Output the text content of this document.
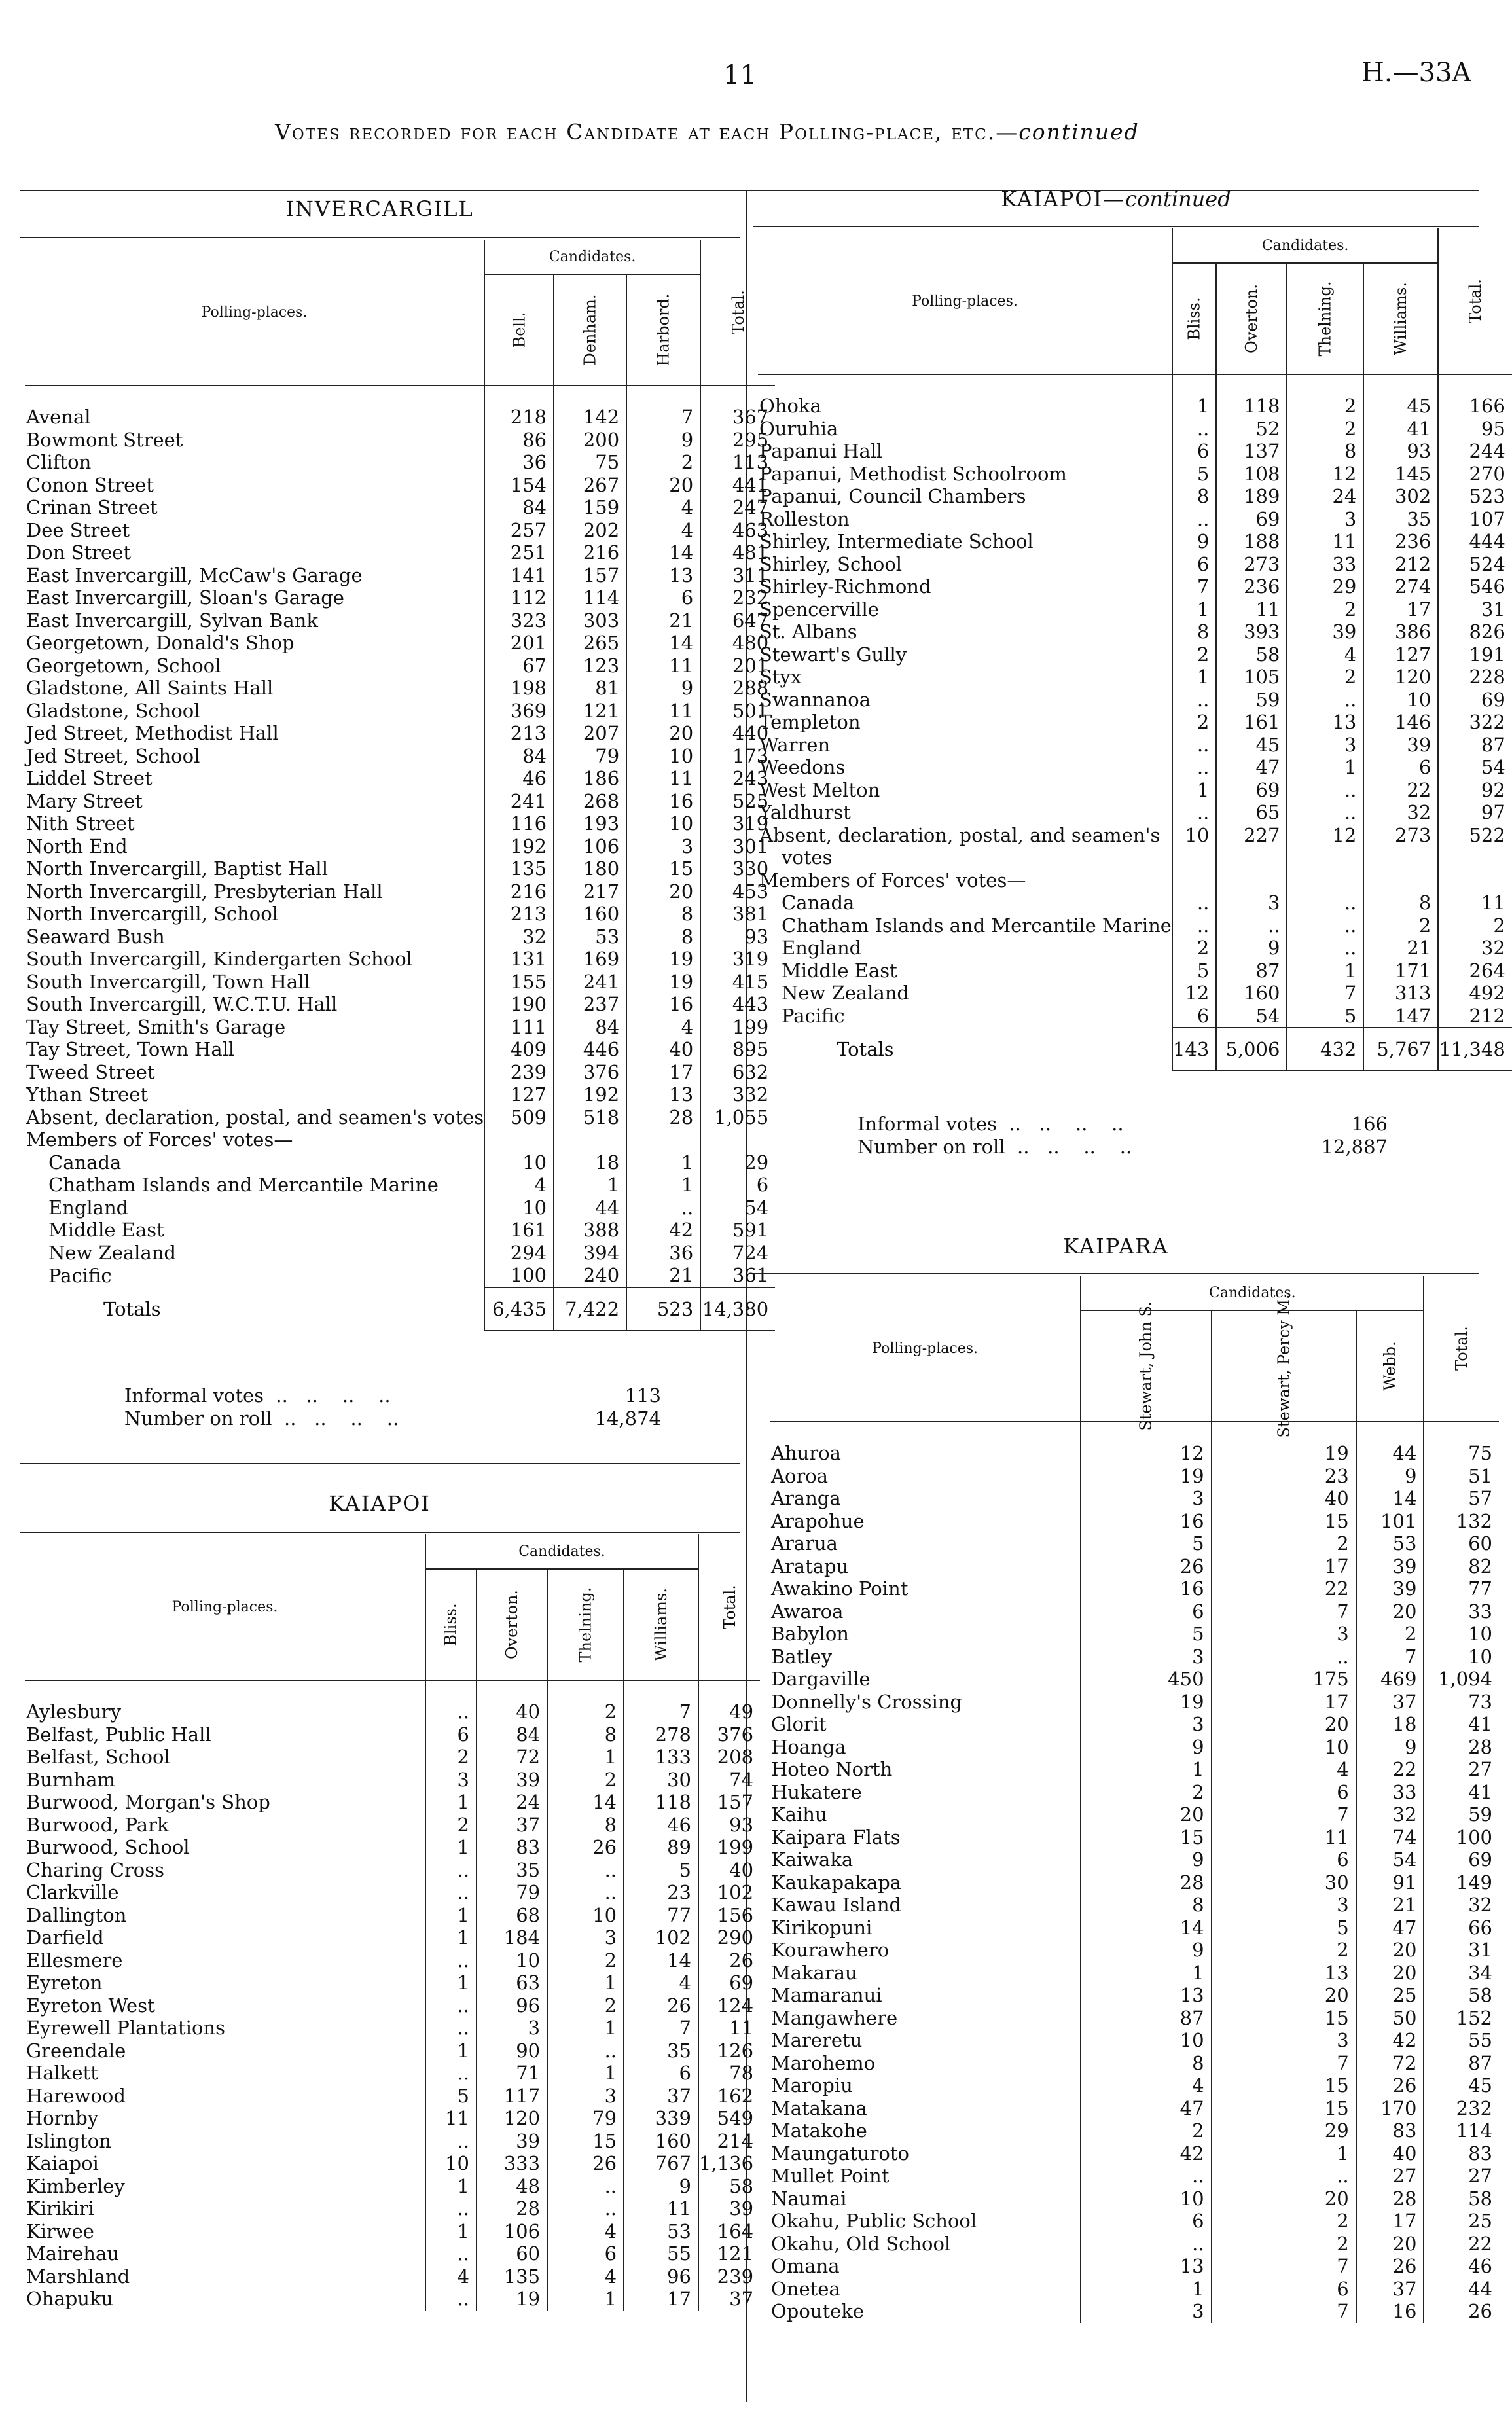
11	H.—33A
Votes recorded for each Candidate at each Polling-place, etc.—continued
INVERCARGILL
Polling-places.	Candidates.			Total.
	Bell.	Denham.	Harbord.	

Avenal	218	142	7	367
Bowmont Street	86	200	9	295
Clifton	36	75	2	113
Conon Street	154	267	20	441
Crinan Street	84	159	4	247
Dee Street	257	202	4	463
Don Street	251	216	14	481
East Invercargill, McCaw's Garage	141	157	13	311
East Invercargill, Sloan's Garage	112	114	6	232
East Invercargill, Sylvan Bank	323	303	21	647
Georgetown, Donald's Shop	201	265	14	480
Georgetown, School	67	123	11	201
Gladstone, All Saints Hall	198	81	9	288
Gladstone, School	369	121	11	501
Jed Street, Methodist Hall	213	207	20	440
Jed Street, School	84	79	10	173
Liddel Street	46	186	11	243
Mary Street	241	268	16	525
Nith Street	116	193	10	319
North End	192	106	3	301
North Invercargill, Baptist Hall	135	180	15	330
North Invercargill, Presbyterian Hall	216	217	20	453
North Invercargill, School	213	160	8	381
Seaward Bush	32	53	8	93
South Invercargill, Kindergarten School	131	169	19	319
South Invercargill, Town Hall	155	241	19	415
South Invercargill, W.C.T.U. Hall	190	237	16	443
Tay Street, Smith's Garage	111	84	4	199
Tay Street, Town Hall	409	446	40	895
Tweed Street	239	376	17	632
Ythan Street	127	192	13	332
Absent, declaration, postal, and seamen's votes	509	518	28	1,055
Members of Forces' votes—				
Canada	10	18	1	29
Chatham Islands and Mercantile Marine	4	1	1	6
England	10	44	..	54
Middle East	161	388	42	591
New Zealand	294	394	36	724
Pacific	100	240	21	361
Totals	6,435	7,422	523	14,380
Informal votes  ..   ..    ..    ..	113
Number on roll  ..   ..    ..    ..	14,874
KAIAPOI
Polling-places.	Candidates.				Total.
	Bliss.	Overton.	Thelning.	Williams.	

Aylesbury	..	40	2	7	49
Belfast, Public Hall	6	84	8	278	376
Belfast, School	2	72	1	133	208
Burnham	3	39	2	30	74
Burwood, Morgan's Shop	1	24	14	118	157
Burwood, Park	2	37	8	46	93
Burwood, School	1	83	26	89	199
Charing Cross	..	35	..	5	40
Clarkville	..	79	..	23	102
Dallington	1	68	10	77	156
Darfield	1	184	3	102	290
Ellesmere	..	10	2	14	26
Eyreton	1	63	1	4	69
Eyreton West	..	96	2	26	124
Eyrewell Plantations	..	3	1	7	11
Greendale	1	90	..	35	126
Halkett	..	71	1	6	78
Harewood	5	117	3	37	162
Hornby	11	120	79	339	549
Islington	..	39	15	160	214
Kaiapoi	10	333	26	767	1,136
Kimberley	1	48	..	9	58
Kirikiri	..	28	..	11	39
Kirwee	1	106	4	53	164
Mairehau	..	60	6	55	121
Marshland	4	135	4	96	239
Ohapuku	..	19	1	17	37
KAIAPOI—continued
Polling-places.	Candidates.				Total.
	Bliss.	Overton.	Thelning.	Williams.	

Ohoka	1	118	2	45	166
Ouruhia	..	52	2	41	95
Papanui Hall	6	137	8	93	244
Papanui, Methodist Schoolroom	5	108	12	145	270
Papanui, Council Chambers	8	189	24	302	523
Rolleston	..	69	3	35	107
Shirley, Intermediate School	9	188	11	236	444
Shirley, School	6	273	33	212	524
Shirley-Richmond	7	236	29	274	546
Spencerville	1	11	2	17	31
St. Albans	8	393	39	386	826
Stewart's Gully	2	58	4	127	191
Styx	1	105	2	120	228
Swannanoa	..	59	..	10	69
Templeton	2	161	13	146	322
Warren	..	45	3	39	87
Weedons	..	47	1	6	54
West Melton	1	69	..	22	92
Yaldhurst	..	65	..	32	97
Absent, declaration, postal, and seamen's	10	227	12	273	522
votes					
Members of Forces' votes—					
Canada	..	3	..	8	11
Chatham Islands and Mercantile Marine	..	..	..	2	2
England	2	9	..	21	32
Middle East	5	87	1	171	264
New Zealand	12	160	7	313	492
Pacific	6	54	5	147	212
Totals	143	5,006	432	5,767	11,348
Informal votes  ..   ..    ..    ..	166
Number on roll  ..   ..    ..    ..	12,887
KAIPARA
Polling-places.	Candidates.			Total.
	Stewart, John S.	Stewart, Percy M.	Webb.	

Ahuroa	12	19	44	75
Aoroa	19	23	9	51
Aranga	3	40	14	57
Arapohue	16	15	101	132
Ararua	5	2	53	60
Aratapu	26	17	39	82
Awakino Point	16	22	39	77
Awaroa	6	7	20	33
Babylon	5	3	2	10
Batley	3	..	7	10
Dargaville	450	175	469	1,094
Donnelly's Crossing	19	17	37	73
Glorit	3	20	18	41
Hoanga	9	10	9	28
Hoteo North	1	4	22	27
Hukatere	2	6	33	41
Kaihu	20	7	32	59
Kaipara Flats	15	11	74	100
Kaiwaka	9	6	54	69
Kaukapakapa	28	30	91	149
Kawau Island	8	3	21	32
Kirikopuni	14	5	47	66
Kourawhero	9	2	20	31
Makarau	1	13	20	34
Mamaranui	13	20	25	58
Mangawhere	87	15	50	152
Mareretu	10	3	42	55
Marohemo	8	7	72	87
Maropiu	4	15	26	45
Matakana	47	15	170	232
Matakohe	2	29	83	114
Maungaturoto	42	1	40	83
Mullet Point	..	..	27	27
Naumai	10	20	28	58
Okahu, Public School	6	2	17	25
Okahu, Old School	..	2	20	22
Omana	13	7	26	46
Onetea	1	6	37	44
Opouteke	3	7	16	26
